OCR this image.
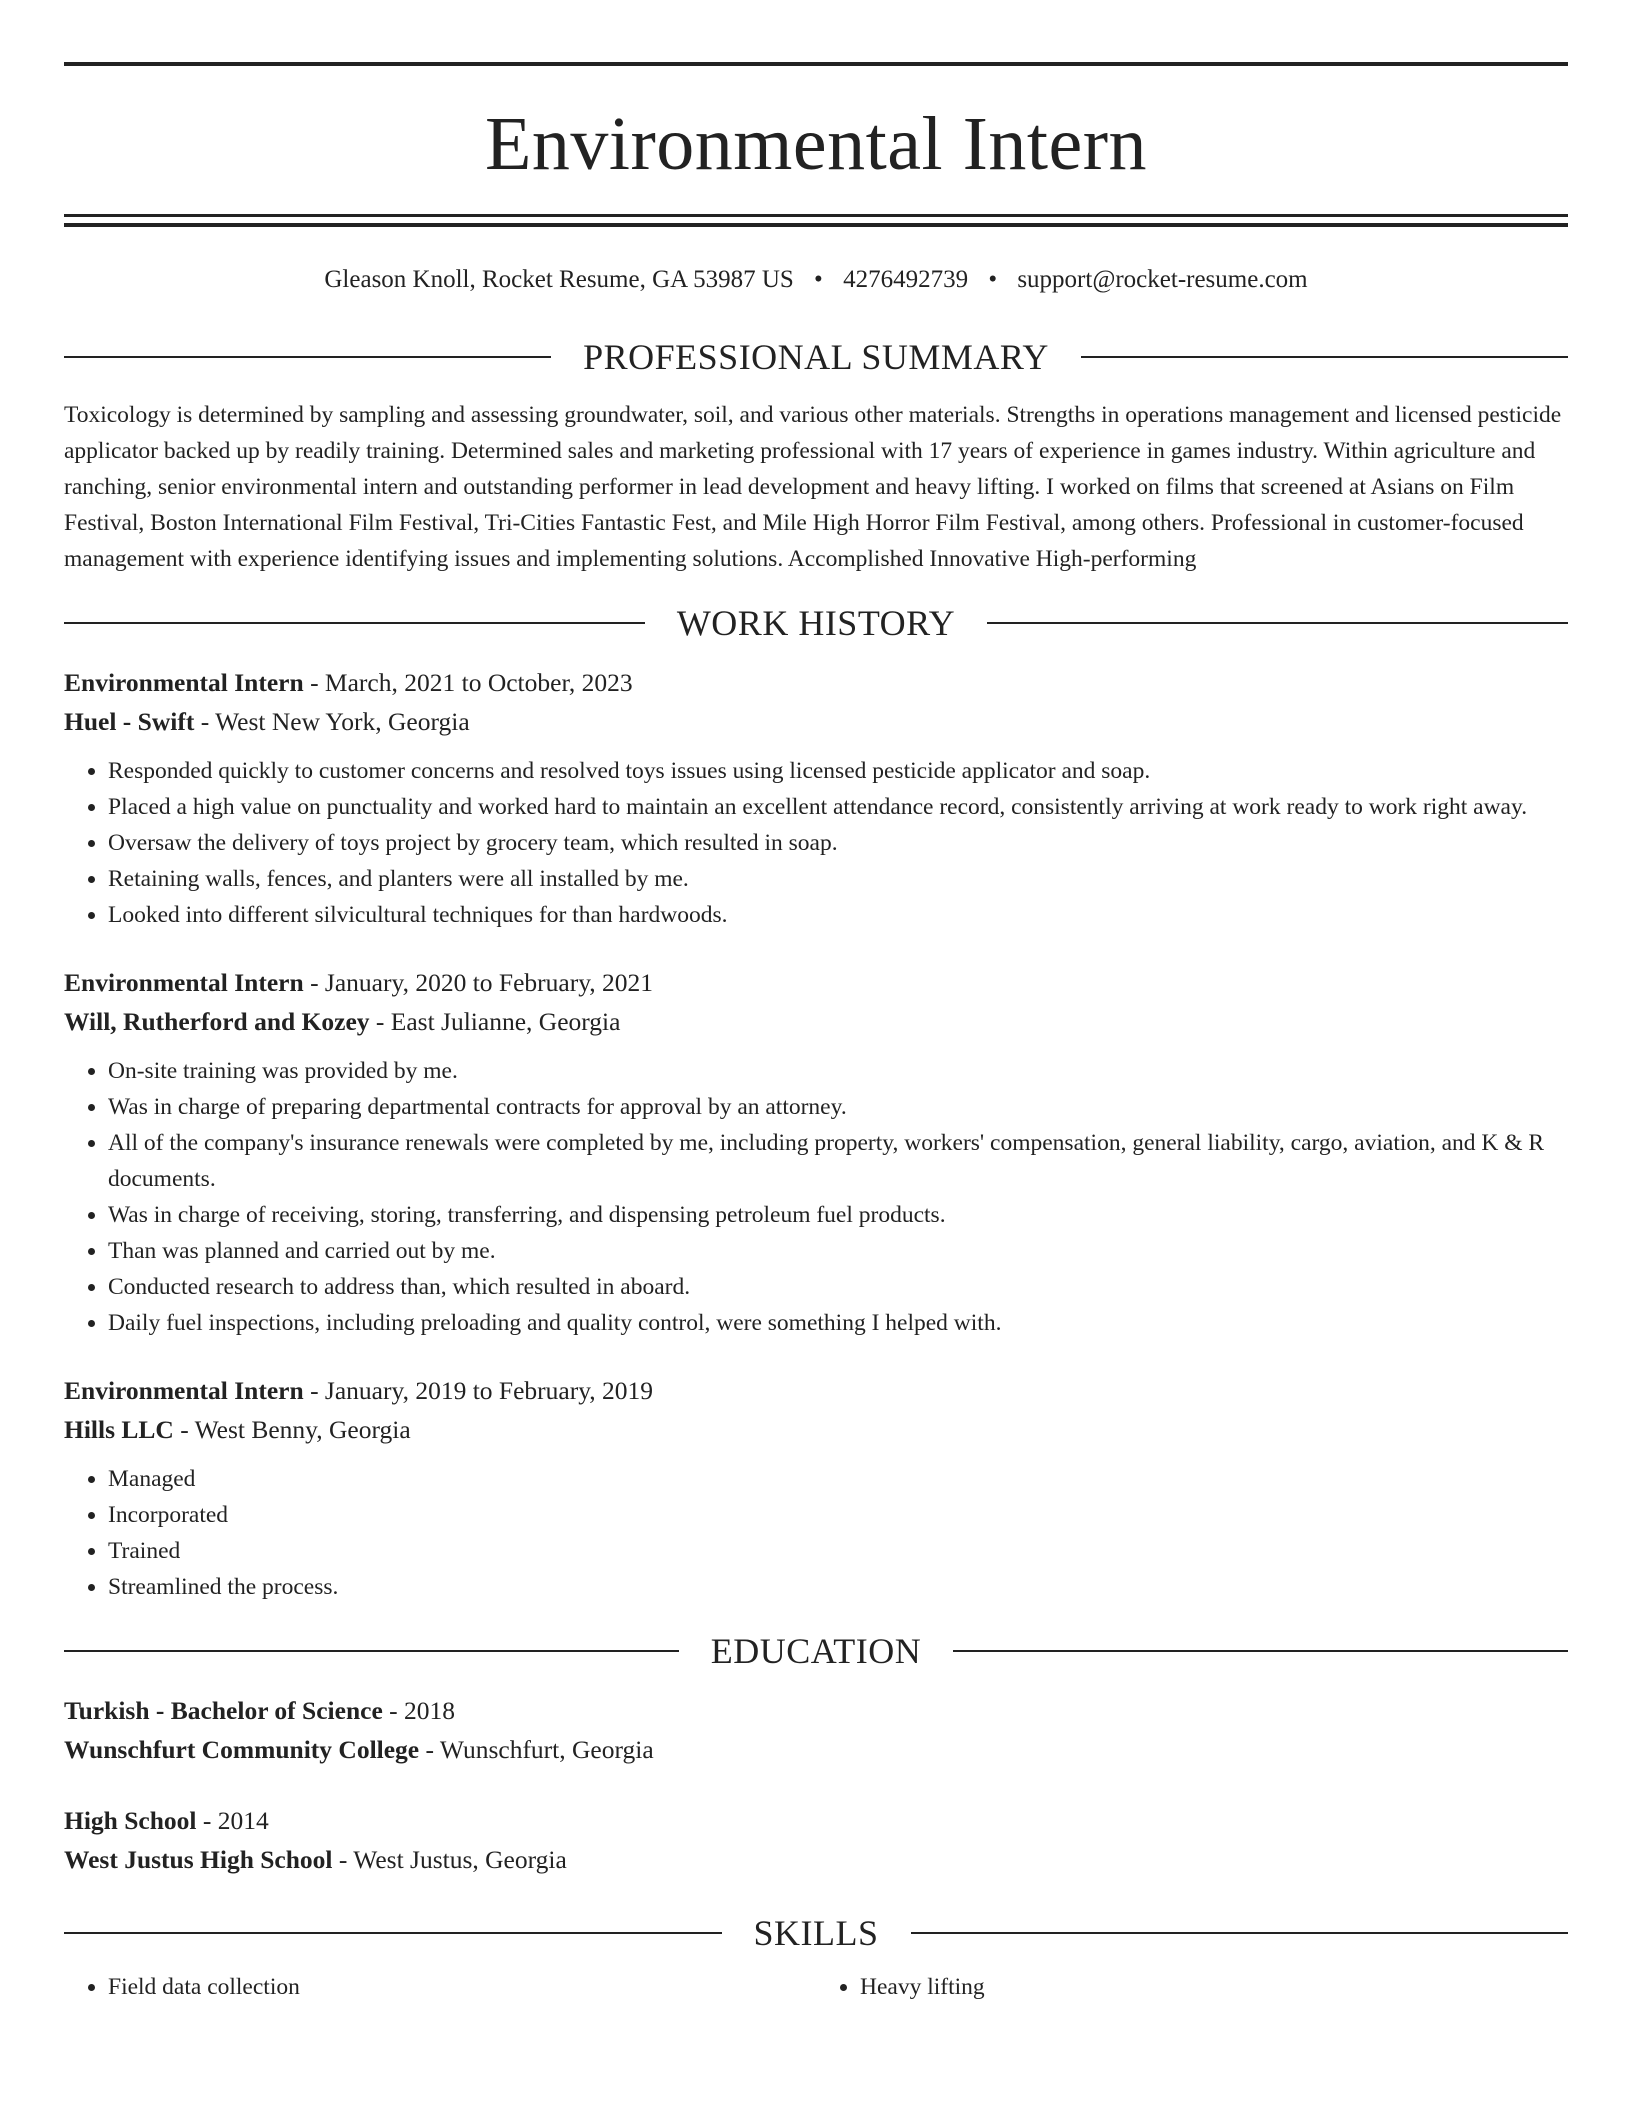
Environmental Intern
Gleason Knoll, Rocket Resume, GA 53987 US • 4276492739 • support@rocket-resume.com
PROFESSIONAL SUMMARY
Toxicology is determined by sampling and assessing groundwater, soil, and various other materials. Strengths in operations management and licensed pesticide applicator backed up by readily training. Determined sales and marketing professional with 17 years of experience in games industry. Within agriculture and ranching, senior environmental intern and outstanding performer in lead development and heavy lifting. I worked on films that screened at Asians on Film Festival, Boston International Film Festival, Tri-Cities Fantastic Fest, and Mile High Horror Film Festival, among others. Professional in customer-focused management with experience identifying issues and implementing solutions. Accomplished Innovative High-performing
WORK HISTORY
Environmental Intern - March, 2021 to October, 2023
Huel - Swift - West New York, Georgia
• Responded quickly to customer concerns and resolved toys issues using licensed pesticide applicator and soap.
• Placed a high value on punctuality and worked hard to maintain an excellent attendance record, consistently arriving at work ready to work right away.
• Oversaw the delivery of toys project by grocery team, which resulted in soap.
• Retaining walls, fences, and planters were all installed by me.
• Looked into different silvicultural techniques for than hardwoods.
Environmental Intern - January, 2020 to February, 2021
Will, Rutherford and Kozey - East Julianne, Georgia
• On-site training was provided by me.
• Was in charge of preparing departmental contracts for approval by an attorney.
• All of the company's insurance renewals were completed by me, including property, workers' compensation, general liability, cargo, aviation, and K & R documents.
• Was in charge of receiving, storing, transferring, and dispensing petroleum fuel products.
• Than was planned and carried out by me.
• Conducted research to address than, which resulted in aboard.
• Daily fuel inspections, including preloading and quality control, were something I helped with.
Environmental Intern - January, 2019 to February, 2019
Hills LLC - West Benny, Georgia
• Managed
• Incorporated
• Trained
• Streamlined the process.
EDUCATION
Turkish - Bachelor of Science - 2018
Wunschfurt Community College - Wunschfurt, Georgia
High School - 2014
West Justus High School - West Justus, Georgia
SKILLS
• Field data collection
•	Heavy lifting
